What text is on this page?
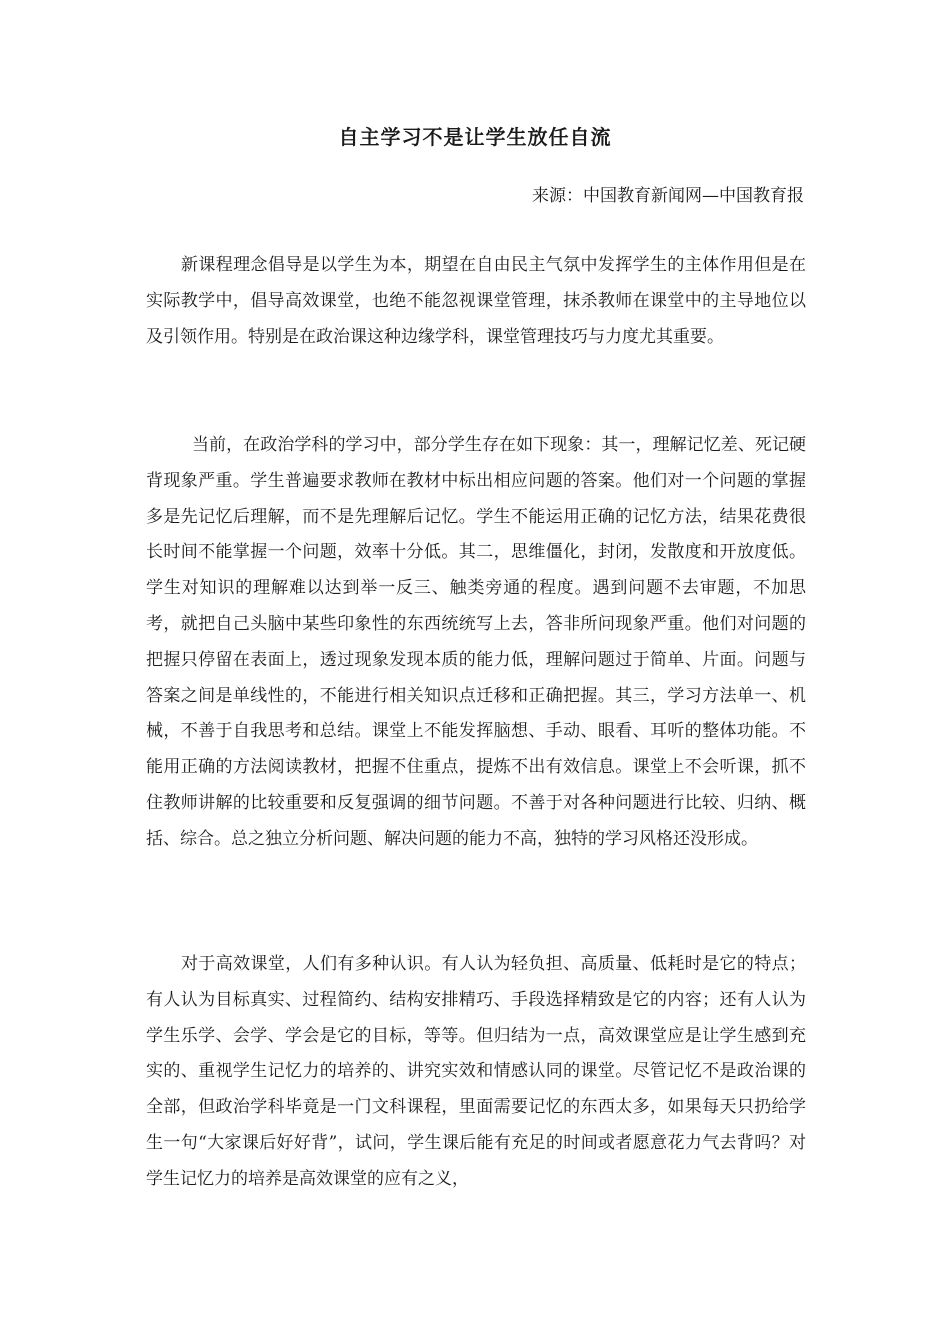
自主学习不是让学生放任自流
来源：中国教育新闻网—中国教育报

新课程理念倡导是以学生为本，期望在自由民主气氛中发挥学生的主体作用但是在实际教学中，倡导高效课堂，也绝不能忽视课堂管理，抹杀教师在课堂中的主导地位以及引领作用。特别是在政治课这种边缘学科，课堂管理技巧与力度尤其重要。

当前，在政治学科的学习中，部分学生存在如下现象：其一，理解记忆差、死记硬背现象严重。学生普遍要求教师在教材中标出相应问题的答案。他们对一个问题的掌握多是先记忆后理解，而不是先理解后记忆。学生不能运用正确的记忆方法，结果花费很长时间不能掌握一个问题，效率十分低。其二，思维僵化，封闭，发散度和开放度低。学生对知识的理解难以达到举一反三、触类旁通的程度。遇到问题不去审题，不加思考，就把自己头脑中某些印象性的东西统统写上去，答非所问现象严重。他们对问题的把握只停留在表面上，透过现象发现本质的能力低，理解问题过于简单、片面。问题与答案之间是单线性的，不能进行相关知识点迁移和正确把握。其三，学习方法单一、机械，不善于自我思考和总结。课堂上不能发挥脑想、手动、眼看、耳听的整体功能。不能用正确的方法阅读教材，把握不住重点，提炼不出有效信息。课堂上不会听课，抓不住教师讲解的比较重要和反复强调的细节问题。不善于对各种问题进行比较、归纳、概括、综合。总之独立分析问题、解决问题的能力不高，独特的学习风格还没形成。

对于高效课堂，人们有多种认识。有人认为轻负担、高质量、低耗时是它的特点；有人认为目标真实、过程简约、结构安排精巧、手段选择精致是它的内容；还有人认为学生乐学、会学、学会是它的目标，等等。但归结为一点，高效课堂应是让学生感到充实的、重视学生记忆力的培养的、讲究实效和情感认同的课堂。尽管记忆不是政治课的全部，但政治学科毕竟是一门文科课程，里面需要记忆的东西太多，如果每天只扔给学生一句“大家课后好好背”，试问，学生课后能有充足的时间或者愿意花力气去背吗？对学生记忆力的培养是高效课堂的应有之义，
